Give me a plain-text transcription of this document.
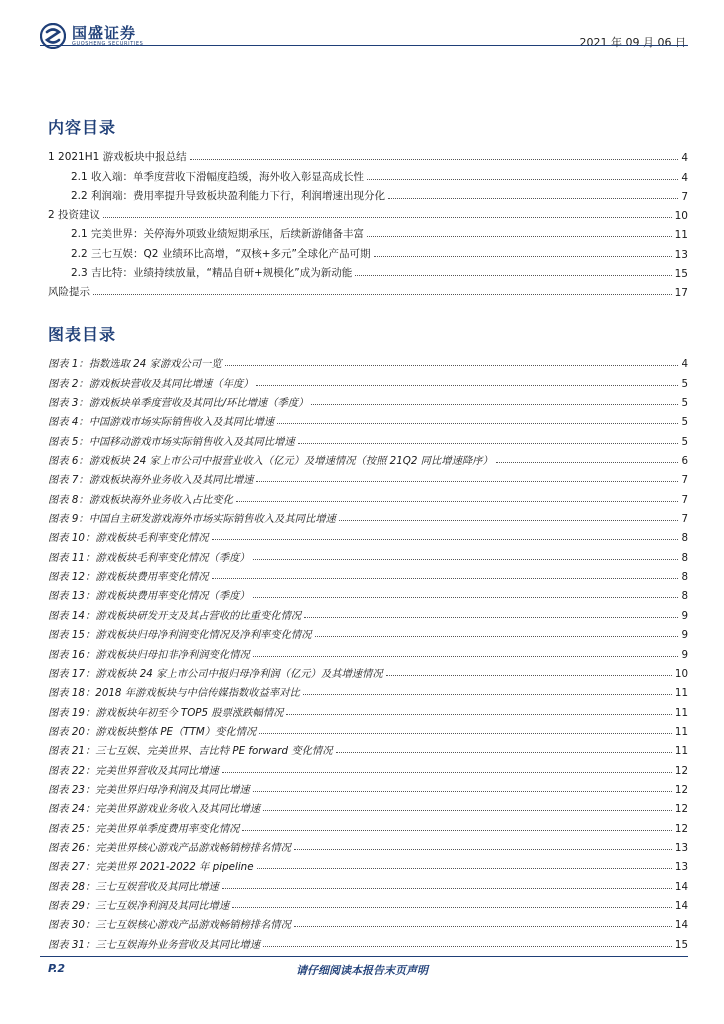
国盛证券
GUOSHENG SECURITIES	2021 年 09 月 06 日
内容目录
1 2021H1 游戏板块中报总结	4
2.1 收入端：单季度营收下滑幅度趋缓，海外收入彰显高成长性	4
2.2 利润端：费用率提升导致板块盈利能力下行，利润增速出现分化	7
2 投资建议	10
2.1 完美世界：关停海外项致业绩短期承压，后续新游储备丰富	11
2.2 三七互娱：Q2 业绩环比高增，“双核+多元”全球化产品可期	13
2.3 吉比特：业绩持续放量，“精品自研+规模化”成为新动能	15
风险提示	17
图表目录
图表 1：指数选取 24 家游戏公司一览	4
图表 2：游戏板块营收及其同比增速（年度）	5
图表 3：游戏板块单季度营收及其同比/环比增速（季度）	5
图表 4：中国游戏市场实际销售收入及其同比增速	5
图表 5：中国移动游戏市场实际销售收入及其同比增速	5
图表 6：游戏板块 24 家上市公司中报营业收入（亿元）及增速情况（按照 21Q2 同比增速降序）	6
图表 7：游戏板块海外业务收入及其同比增速	7
图表 8：游戏板块海外业务收入占比变化	7
图表 9：中国自主研发游戏海外市场实际销售收入及其同比增速	7
图表 10：游戏板块毛利率变化情况	8
图表 11：游戏板块毛利率变化情况（季度）	8
图表 12：游戏板块费用率变化情况	8
图表 13：游戏板块费用率变化情况（季度）	8
图表 14：游戏板块研发开支及其占营收的比重变化情况	9
图表 15：游戏板块归母净利润变化情况及净利率变化情况	9
图表 16：游戏板块归母扣非净利润变化情况	9
图表 17：游戏板块 24 家上市公司中报归母净利润（亿元）及其增速情况	10
图表 18：2018 年游戏板块与中信传媒指数收益率对比	11
图表 19：游戏板块年初至今 TOP5 股票涨跌幅情况	11
图表 20：游戏板块整体 PE（TTM）变化情况	11
图表 21：三七互娱、完美世界、吉比特 PE forward 变化情况	11
图表 22：完美世界营收及其同比增速	12
图表 23：完美世界归母净利润及其同比增速	12
图表 24：完美世界游戏业务收入及其同比增速	12
图表 25：完美世界单季度费用率变化情况	12
图表 26：完美世界核心游戏产品游戏畅销榜排名情况	13
图表 27：完美世界 2021-2022 年 pipeline	13
图表 28：三七互娱营收及其同比增速	14
图表 29：三七互娱净利润及其同比增速	14
图表 30：三七互娱核心游戏产品游戏畅销榜排名情况	14
图表 31：三七互娱海外业务营收及其同比增速	15
P.2	请仔细阅读本报告末页声明
